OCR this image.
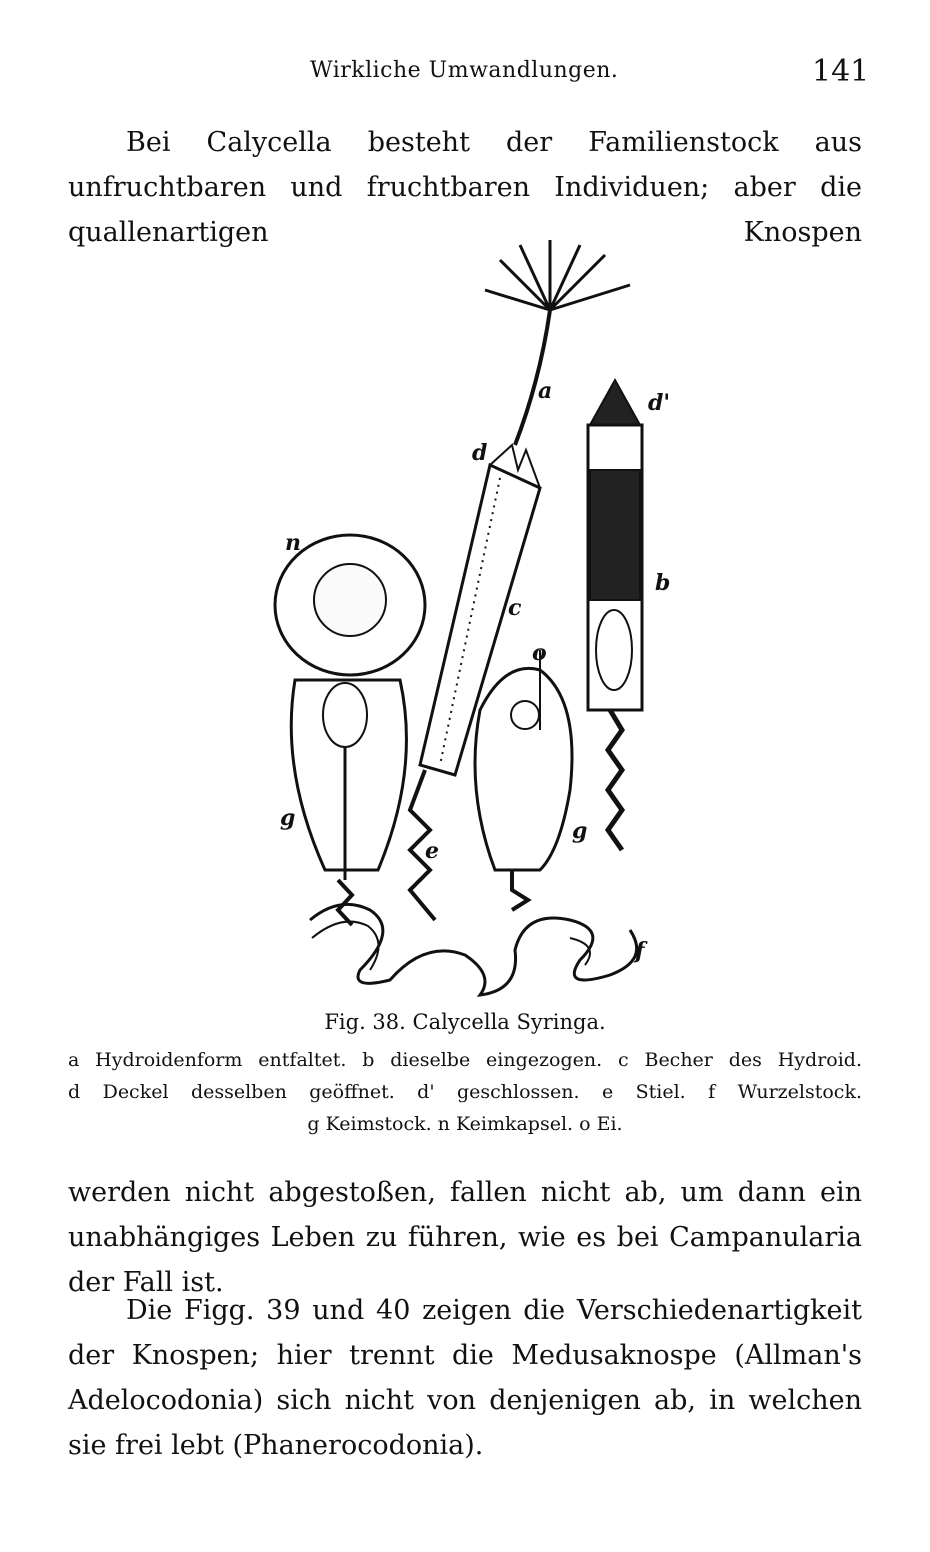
Wirkliche Umwandlungen.	141

Bei Calycella besteht der Familienstock aus unfruchtbaren und fruchtbaren Individuen; aber die quallenartigen Knospen

a
b
c
d
d'
e
f
g	g
n
o
Fig. 38. Calycella Syringa.

a Hydroidenform entfaltet. b dieselbe eingezogen. c Becher des Hydroid.

d Deckel desselben geöffnet. d' geschlossen. e Stiel. f Wurzelstock.

g Keimstock. n Keimkapsel. o Ei.

werden nicht abgestoßen, fallen nicht ab, um dann ein unabhängiges Leben zu führen, wie es bei Campanularia der Fall ist.

Die Figg. 39 und 40 zeigen die Verschiedenartigkeit der Knospen; hier trennt die Medusaknospe (Allman's Adelocodonia) sich nicht von denjenigen ab, in welchen sie frei lebt (Phanerocodonia).
